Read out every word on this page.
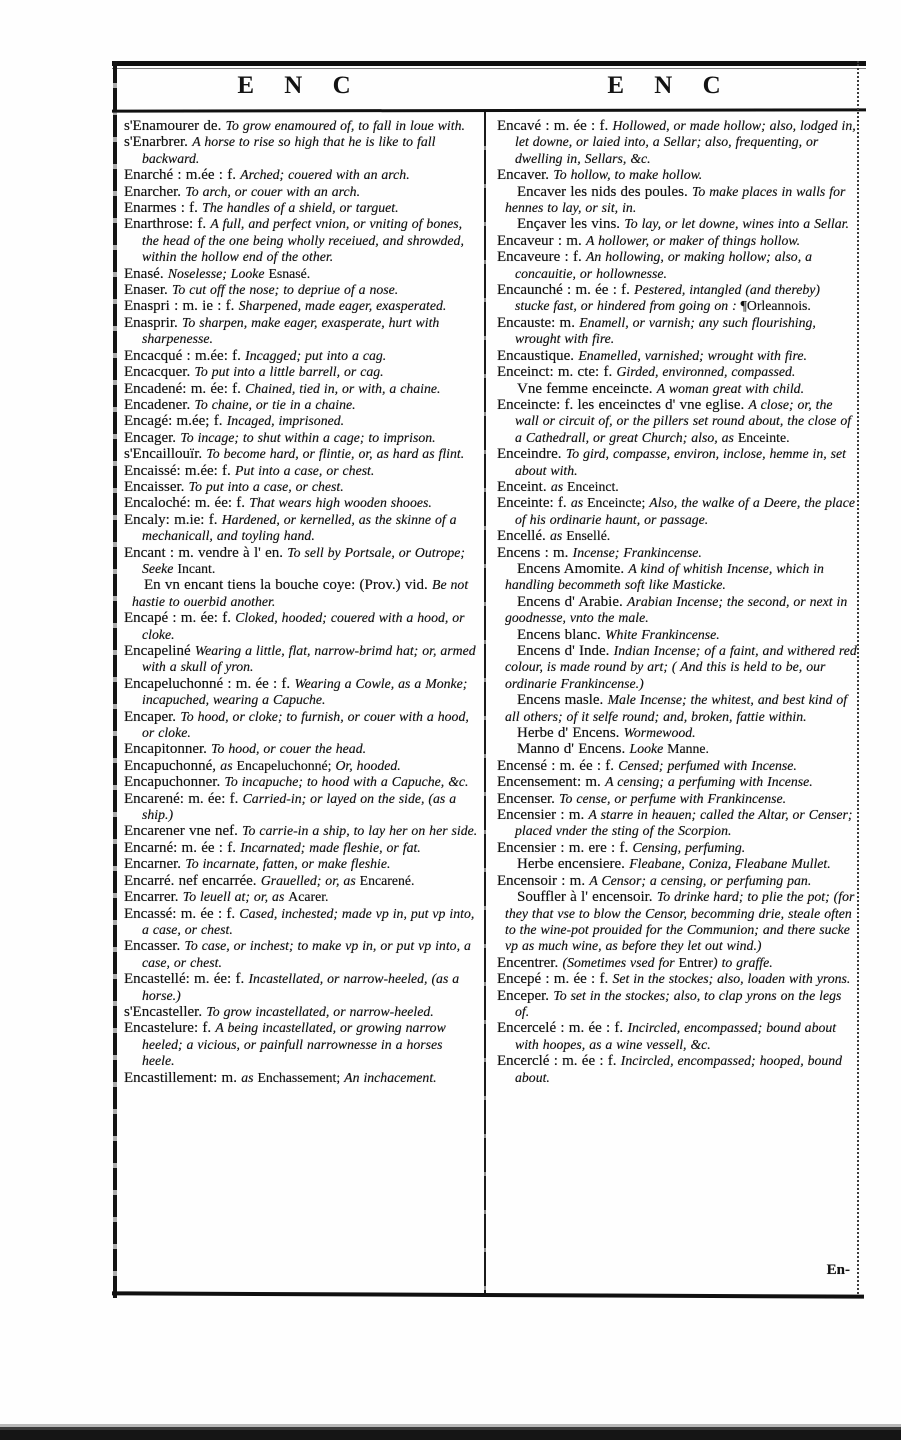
E N C	E N C
s'Enamourer de. To grow enamoured of, to fall in loue with.
s'Enarbrer. A horse to rise so high that he is like to fall backward.
Enarché : m.ée : f. Arched; couered with an arch.
Enarcher. To arch, or couer with an arch.
Enarmes : f. The handles of a shield, or targuet.
Enarthrose: f. A full, and perfect vnion, or vniting of bones, the head of the one being wholly receiued, and shrowded, within the hollow end of the other.
Enasé. Noselesse; Looke Esnasé.
Enaser. To cut off the nose; to depriue of a nose.
Enaspri : m. ie : f. Sharpened, made eager, exasperated.
Enasprir. To sharpen, make eager, exasperate, hurt with sharpenesse.
Encacqué : m.ée: f. Incagged; put into a cag.
Encacquer. To put into a little barrell, or cag.
Encadené: m. ée: f. Chained, tied in, or with, a chaine.
Encadener. To chaine, or tie in a chaine.
Encagé: m.ée; f. Incaged, imprisoned.
Encager. To incage; to shut within a cage; to imprison.
s'Encaillouïr. To become hard, or flintie, or, as hard as flint.
Encaissé: m.ée: f. Put into a case, or chest.
Encaisser. To put into a case, or chest.
Encaloché: m. ée: f. That wears high wooden shooes.
Encaly: m.ie: f. Hardened, or kernelled, as the skinne of a mechanicall, and toyling hand.
Encant : m. vendre à l' en. To sell by Portsale, or Outrope; Seeke Incant.
En vn encant tiens la bouche coye: (Prov.) vid. Be not hastie to ouerbid another.
Encapé : m. ée: f. Cloked, hooded; couered with a hood, or cloke.
Encapeliné Wearing a little, flat, narrow-brimd hat; or, armed with a skull of yron.
Encapeluchonné : m. ée : f. Wearing a Cowle, as a Monke; incapuched, wearing a Capuche.
Encaper. To hood, or cloke; to furnish, or couer with a hood, or cloke.
Encapitonner. To hood, or couer the head.
Encapuchonné, as Encapeluchonné; Or, hooded.
Encapuchonner. To incapuche; to hood with a Capuche, &c.
Encarené: m. ée: f. Carried-in; or layed on the side, (as a ship.)
Encarener vne nef. To carrie-in a ship, to lay her on her side.
Encarné: m. ée : f. Incarnated; made fleshie, or fat.
Encarner. To incarnate, fatten, or make fleshie.
Encarré. nef encarrée. Grauelled; or, as Encarené.
Encarrer. To leuell at; or, as Acarer.
Encassé: m. ée : f. Cased, inchested; made vp in, put vp into, a case, or chest.
Encasser. To case, or inchest; to make vp in, or put vp into, a case, or chest.
Encastellé: m. ée: f. Incastellated, or narrow-heeled, (as a horse.)
s'Encasteller. To grow incastellated, or narrow-heeled.
Encastelure: f. A being incastellated, or growing narrow heeled; a vicious, or painfull narrownesse in a horses heele.
Encastillement: m. as Enchassement; An inchacement.
Encavé : m. ée : f. Hollowed, or made hollow; also, lodged in, let downe, or laied into, a Sellar; also, frequenting, or dwelling in, Sellars, &c.
Encaver. To hollow, to make hollow.
Encaver les nids des poules. To make places in walls for hennes to lay, or sit, in.
Ençaver les vins. To lay, or let downe, wines into a Sellar.
Encaveur : m. A hollower, or maker of things hollow.
Encaveure : f. An hollowing, or making hollow; also, a concauitie, or hollownesse.
Encaunché : m. ée : f. Pestered, intangled (and thereby) stucke fast, or hindered from going on : ¶Orleannois.
Encauste: m. Enamell, or varnish; any such flourishing, wrought with fire.
Encaustique. Enamelled, varnished; wrought with fire.
Enceinct: m. cte: f. Girded, environned, compassed.
Vne femme enceincte. A woman great with child.
Enceincte: f. les enceinctes d' vne eglise. A close; or, the wall or circuit of, or the pillers set round about, the close of a Cathedrall, or great Church; also, as Enceinte.
Enceindre. To gird, compasse, environ, inclose, hemme in, set about with.
Enceint. as Enceinct.
Enceinte: f. as Enceincte; Also, the walke of a Deere, the place of his ordinarie haunt, or passage.
Encellé. as Ensellé.
Encens : m. Incense; Frankincense.
Encens Amomite. A kind of whitish Incense, which in handling becommeth soft like Masticke.
Encens d' Arabie. Arabian Incense; the second, or next in goodnesse, vnto the male.
Encens blanc. White Frankincense.
Encens d' Inde. Indian Incense; of a faint, and withered red colour, is made round by art; ( And this is held to be, our ordinarie Frankincense.)
Encens masle. Male Incense; the whitest, and best kind of all others; of it selfe round; and, broken, fattie within.
Herbe d' Encens. Wormewood.
Manno d' Encens. Looke Manne.
Encensé : m. ée : f. Censed; perfumed with Incense.
Encensement: m. A censing; a perfuming with Incense.
Encenser. To cense, or perfume with Frankincense.
Encensier : m. A starre in heauen; called the Altar, or Censer; placed vnder the sting of the Scorpion.
Encensier : m. ere : f. Censing, perfuming.
Herbe encensiere. Fleabane, Coniza, Fleabane Mullet.
Encensoir : m. A Censor; a censing, or perfuming pan.
Souffler à l' encensoir. To drinke hard; to plie the pot; (for they that vse to blow the Censor, becomming drie, steale often to the wine-pot prouided for the Communion; and there sucke vp as much wine, as before they let out wind.)
Encentrer. (Sometimes vsed for Entrer) to graffe.
Encepé : m. ée : f. Set in the stockes; also, loaden with yrons.
Enceper. To set in the stockes; also, to clap yrons on the legs of.
Encercelé : m. ée : f. Incircled, encompassed; bound about with hoopes, as a wine vessell, &c.
Encerclé : m. ée : f. Incircled, encompassed; hooped, bound about.
En-
